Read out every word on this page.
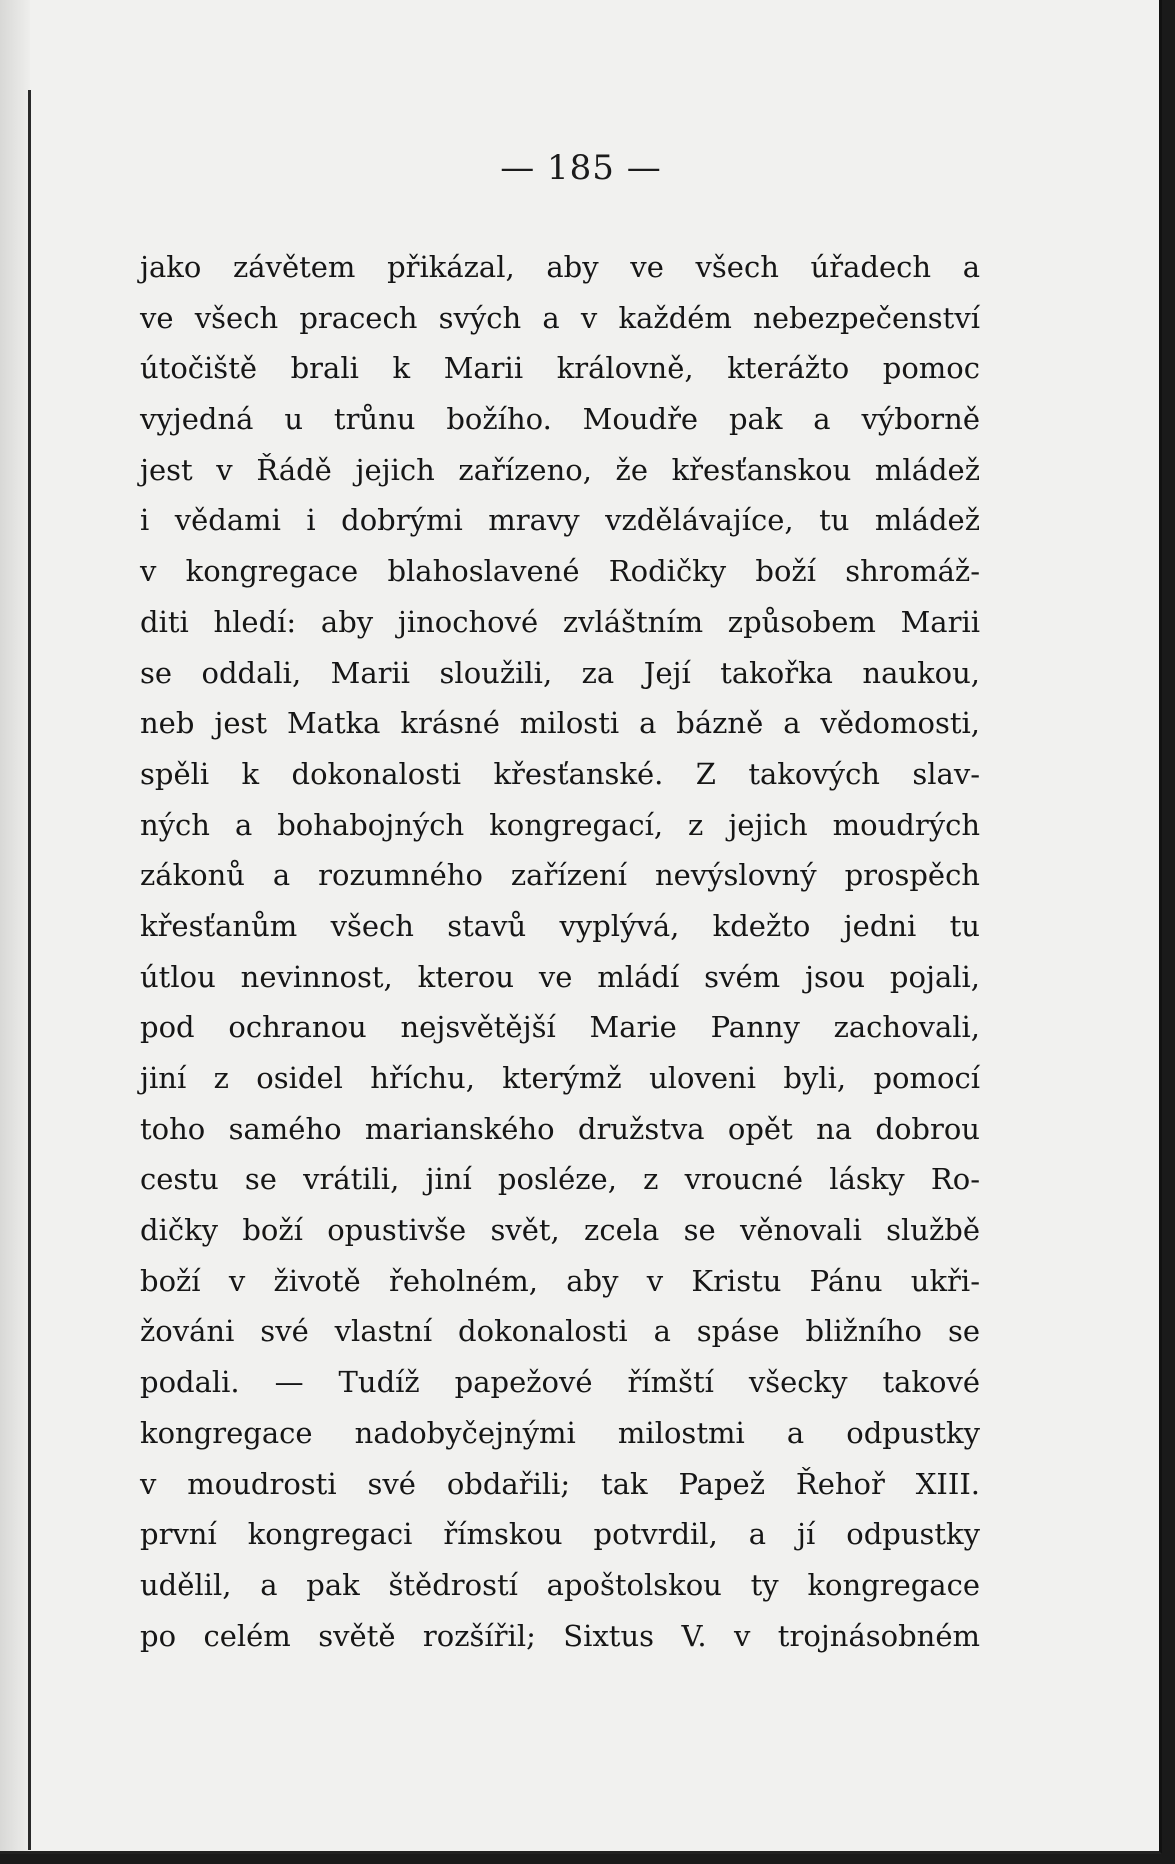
— 185 —
jako závětem přikázal, aby ve všech úřadech a
ve všech pracech svých a v každém nebezpečenství
útočiště brali k Marii královně, kterážto pomoc
vyjedná u trůnu božího. Moudře pak a výborně
jest v Řádě jejich zařízeno, že křesťanskou mládež
i vědami i dobrými mravy vzdělávajíce, tu mládež
v kongregace blahoslavené Rodičky boží shromáž-
diti hledí: aby jinochové zvláštním způsobem Marii
se oddali, Marii sloužili, za Její takořka naukou,
neb jest Matka krásné milosti a bázně a vědomosti,
spěli k dokonalosti křesťanské. Z takových slav-
ných a bohabojných kongregací, z jejich moudrých
zákonů a rozumného zařízení nevýslovný prospěch
křesťanům všech stavů vyplývá, kdežto jedni tu
útlou nevinnost, kterou ve mládí svém jsou pojali,
pod ochranou nejsvětější Marie Panny zachovali,
jiní z osidel hříchu, kterýmž uloveni byli, pomocí
toho samého marianského družstva opět na dobrou
cestu se vrátili, jiní posléze, z vroucné lásky Ro-
dičky boží opustivše svět, zcela se věnovali službě
boží v životě řeholném, aby v Kristu Pánu ukři-
žováni své vlastní dokonalosti a spáse bližního se
podali. — Tudíž papežové římští všecky takové
kongregace nadobyčejnými milostmi a odpustky
v moudrosti své obdařili; tak Papež Řehoř XIII.
první kongregaci římskou potvrdil, a jí odpustky
udělil, a pak štědrostí apoštolskou ty kongregace
po celém světě rozšířil; Sixtus V. v trojnásobném
